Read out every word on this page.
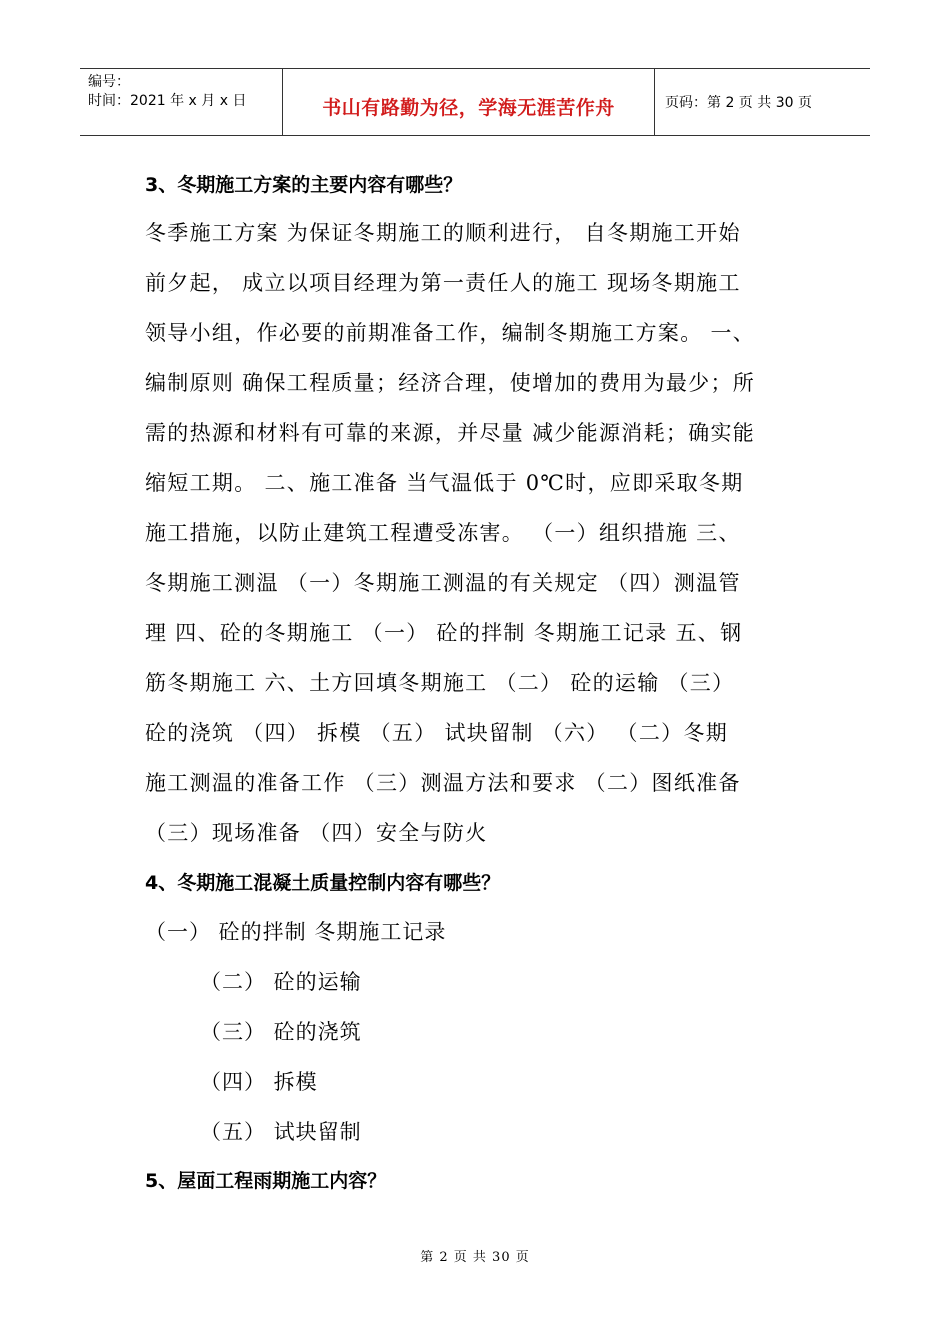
编号：
时间：2021 年 x 月 x 日	书山有路勤为径，学海无涯苦作舟	页码：第 2 页 共 30 页
3、冬期施工方案的主要内容有哪些？
冬季施工方案 为保证冬期施工的顺利进行， 自冬期施工开始
前夕起， 成立以项目经理为第一责任人的施工 现场冬期施工
领导小组，作必要的前期准备工作，编制冬期施工方案。 一、
编制原则 确保工程质量；经济合理，使增加的费用为最少；所
需的热源和材料有可靠的来源，并尽量 减少能源消耗；确实能
缩短工期。 二、施工准备 当气温低于 0℃时，应即采取冬期
施工措施，以防止建筑工程遭受冻害。 （一）组织措施 三、
冬期施工测温 （一）冬期施工测温的有关规定 （四）测温管
理 四、砼的冬期施工 （一） 砼的拌制 冬期施工记录 五、钢
筋冬期施工 六、土方回填冬期施工 （二） 砼的运输 （三）
砼的浇筑 （四） 拆模 （五） 试块留制 （六） （二）冬期
施工测温的准备工作 （三）测温方法和要求 （二）图纸准备
（三）现场准备 （四）安全与防火
4、冬期施工混凝土质量控制内容有哪些？
（一） 砼的拌制 冬期施工记录
（二） 砼的运输
（三） 砼的浇筑
（四） 拆模
（五） 试块留制
5、屋面工程雨期施工内容？
第 2 页 共 30 页
